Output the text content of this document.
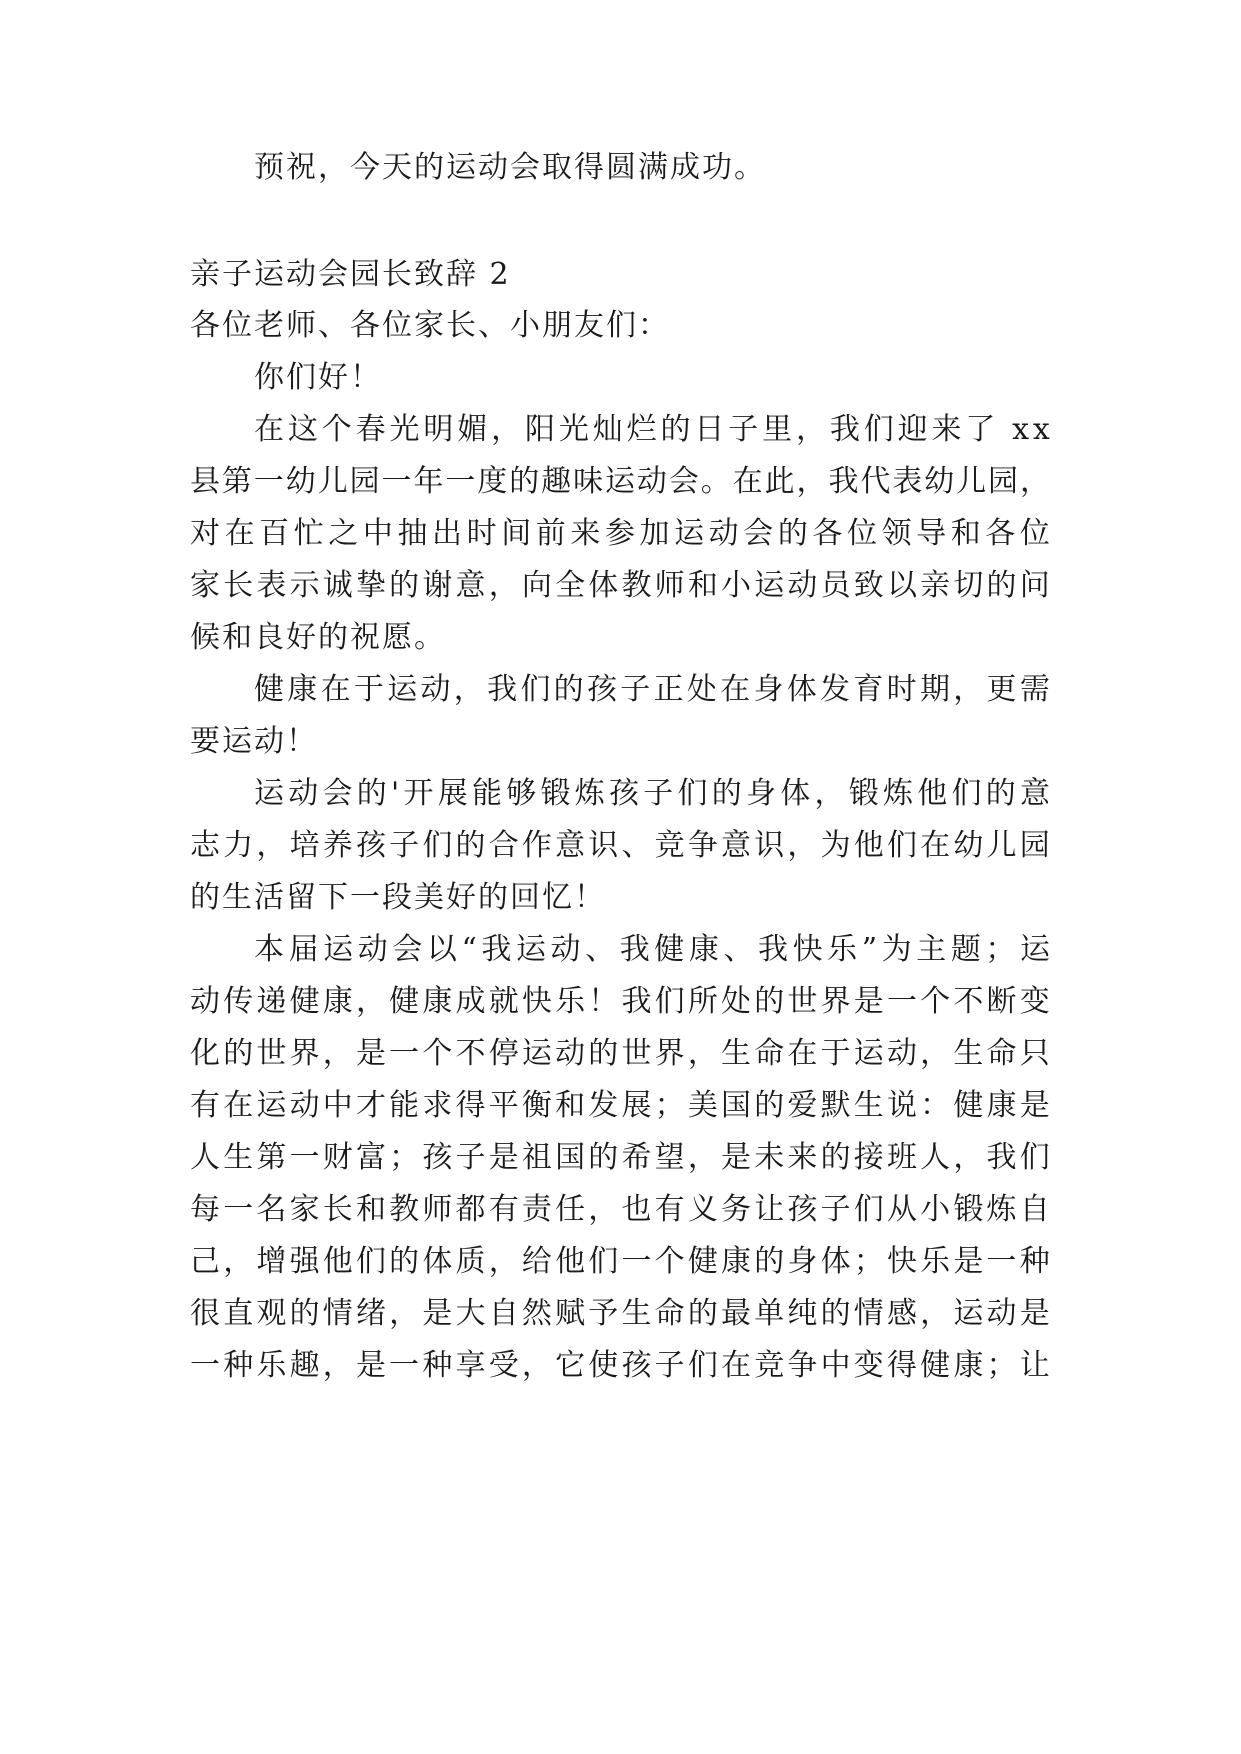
预祝，今天的运动会取得圆满成功。
亲子运动会园长致辞 2
各位老师、各位家长、小朋友们：
你们好！
在 这 个 春 光 明 媚 ， 阳 光 灿 烂 的 日 子 里 ， 我 们 迎 来 了 x x
县 第 一 幼 儿 园 一 年 一 度 的 趣 味 运 动 会 。 在 此 ， 我 代 表 幼 儿 园 ，
对 在 百 忙 之 中 抽 出 时 间 前 来 参 加 运 动 会 的 各 位 领 导 和 各 位
家 长 表 示 诚 挚 的 谢 意 ， 向 全 体 教 师 和 小 运 动 员 致 以 亲 切 的 问
候和良好的祝愿。
健 康 在 于 运 动 ， 我 们 的 孩 子 正 处 在 身 体 发 育 时 期 ， 更 需
要运动！
运 动 会 的 ' 开 展 能 够 锻 炼 孩 子 们 的 身 体 ， 锻 炼 他 们 的 意
志 力 ， 培 养 孩 子 们 的 合 作 意 识 、 竞 争 意 识 ， 为 他 们 在 幼 儿 园
的生活留下一段美好的回忆！
本 届 运 动 会 以 “ 我 运 动 、 我 健 康 、 我 快 乐 ” 为 主 题 ； 运
动 传 递 健 康 ， 健 康 成 就 快 乐 ！ 我 们 所 处 的 世 界 是 一 个 不 断 变
化 的 世 界 ， 是 一 个 不 停 运 动 的 世 界 ， 生 命 在 于 运 动 ， 生 命 只
有 在 运 动 中 才 能 求 得 平 衡 和 发 展 ； 美 国 的 爱 默 生 说 ： 健 康 是
人 生 第 一 财 富 ； 孩 子 是 祖 国 的 希 望 ， 是 未 来 的 接 班 人 ， 我 们
每 一 名 家 长 和 教 师 都 有 责 任 ， 也 有 义 务 让 孩 子 们 从 小 锻 炼 自
己 ， 增 强 他 们 的 体 质 ， 给 他 们 一 个 健 康 的 身 体 ； 快 乐 是 一 种
很 直 观 的 情 绪 ， 是 大 自 然 赋 予 生 命 的 最 单 纯 的 情 感 ， 运 动 是
一 种 乐 趣 ， 是 一 种 享 受 ， 它 使 孩 子 们 在 竞 争 中 变 得 健 康 ； 让
